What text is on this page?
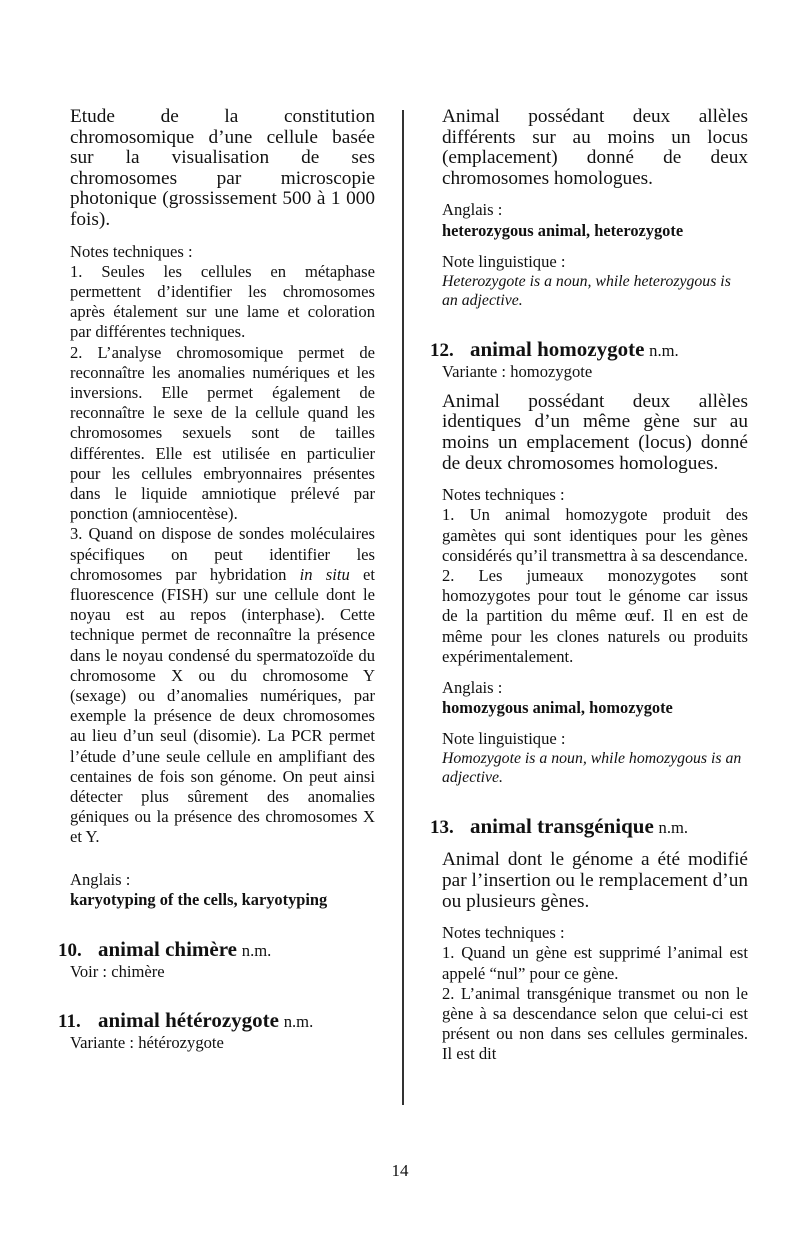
Etude de la constitution chromosomique d’une cellule basée sur la visualisation de ses chromosomes par microscopie photonique (grossissement 500 à 1 000 fois).

Notes techniques :

1. Seules les cellules en métaphase permettent d’identifier les chromosomes après étalement sur une lame et coloration par différentes techniques.

2. L’analyse chromosomique permet de reconnaître les anomalies numériques et les inversions. Elle permet également de reconnaître le sexe de la cellule quand les chromosomes sexuels sont de tailles différentes. Elle est utilisée en particulier pour les cellules embryonnaires présentes dans le liquide amniotique prélevé par ponction (amniocentèse).

3. Quand on dispose de sondes moléculaires spécifiques on peut identifier les chromosomes par hybridation in situ et fluorescence (FISH) sur une cellule dont le noyau est au repos (interphase). Cette technique permet de reconnaître la présence dans le noyau condensé du spermatozoïde du chromosome X ou du chromosome Y (sexage) ou d’anomalies numériques, par exemple la présence de deux chromosomes au lieu d’un seul (disomie). La PCR permet l’étude d’une seule cellule en amplifiant des centaines de fois son génome. On peut ainsi détecter plus sûrement des anomalies géniques ou la présence des chromosomes X et Y.

Anglais :

karyotyping of the cells, karyotyping

10. animal chimère n.m.

Voir : chimère

11. animal hétérozygote n.m.

Variante : hétérozygote

Animal possédant deux allèles différents sur au moins un locus (emplacement) donné de deux chromosomes homologues.

Anglais :

heterozygous animal, heterozygote

Note linguistique :

Heterozygote is a noun, while heterozygous is an adjective.

12. animal homozygote n.m.

Variante : homozygote

Animal possédant deux allèles identiques d’un même gène sur au moins un emplacement (locus) donné de deux chromosomes homologues.

Notes techniques :

1. Un animal homozygote produit des gamètes qui sont identiques pour les gènes considérés qu’il transmettra à sa descendance.

2. Les jumeaux monozygotes sont homozygotes pour tout le génome car issus de la partition du même œuf. Il en est de même pour les clones naturels ou produits expérimentalement.

Anglais :

homozygous animal, homozygote

Note linguistique :

Homozygote is a noun, while homozygous is an adjective.

13. animal transgénique n.m.

Animal dont le génome a été modifié par l’insertion ou le remplacement d’un ou plusieurs gènes.

Notes techniques :

1. Quand un gène est supprimé l’animal est appelé “nul” pour ce gène.

2. L’animal transgénique transmet ou non le gène à sa descendance selon que celui-ci est présent ou non dans ses cellules germinales. Il est dit

14
